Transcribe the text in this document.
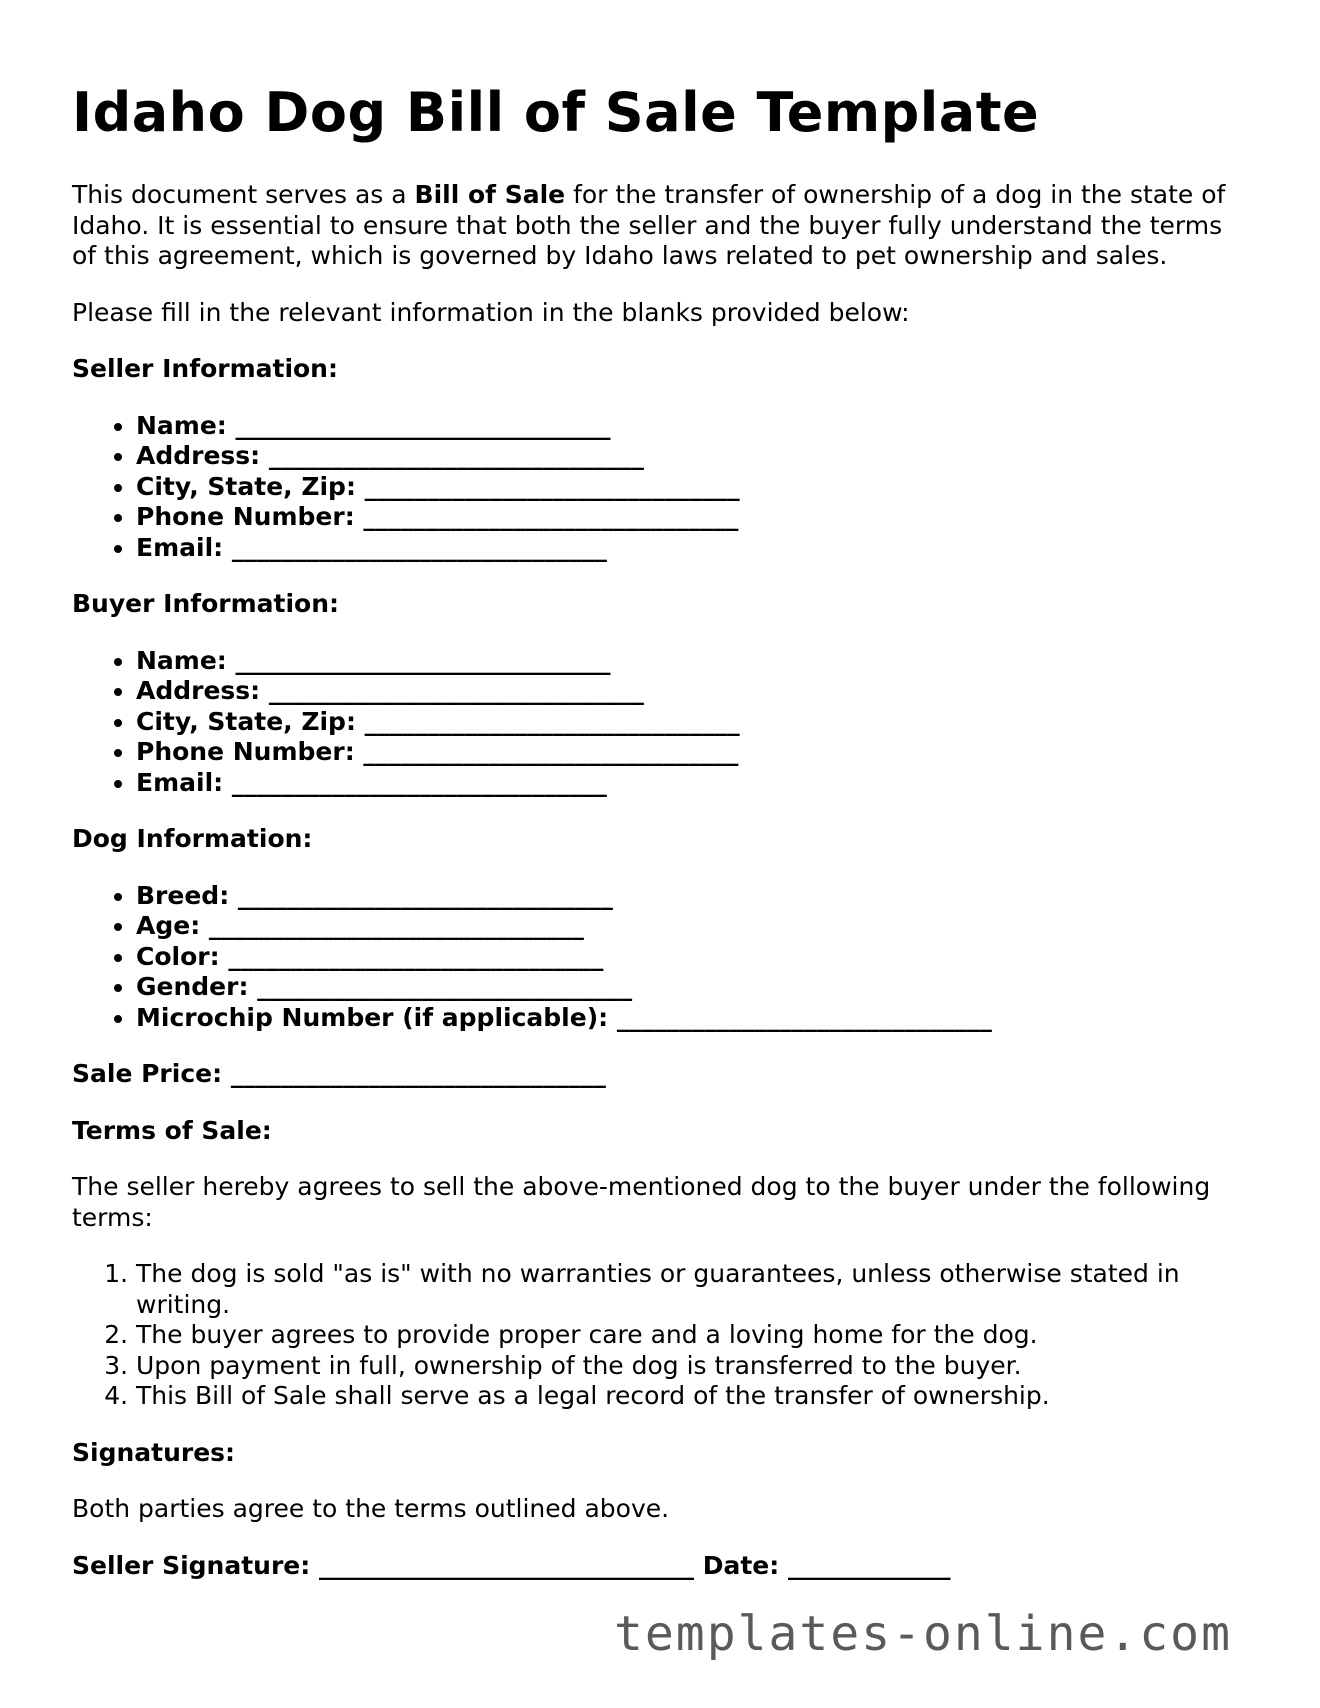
Idaho Dog Bill of Sale Template

This document serves as a Bill of Sale for the transfer of ownership of a dog in the state of Idaho. It is essential to ensure that both the seller and the buyer fully understand the terms of this agreement, which is governed by Idaho laws related to pet ownership and sales.

Please fill in the relevant information in the blanks provided below:

Seller Information:

• Name: ______________________________
• Address: ______________________________
• City, State, Zip: ______________________________
• Phone Number: ______________________________
• Email: ______________________________

Buyer Information:

• Name: ______________________________
• Address: ______________________________
• City, State, Zip: ______________________________
• Phone Number: ______________________________
• Email: ______________________________

Dog Information:

• Breed: ______________________________
• Age: ______________________________
• Color: ______________________________
• Gender: ______________________________
• Microchip Number (if applicable): ______________________________

Sale Price: ______________________________

Terms of Sale:

The seller hereby agrees to sell the above-mentioned dog to the buyer under the following terms:

1. The dog is sold "as is" with no warranties or guarantees, unless otherwise stated in writing.
2. The buyer agrees to provide proper care and a loving home for the dog.
3. Upon payment in full, ownership of the dog is transferred to the buyer.
4. This Bill of Sale shall serve as a legal record of the transfer of ownership.

Signatures:

Both parties agree to the terms outlined above.

Seller Signature: ______________________________ Date: _____________

templates-online.com
